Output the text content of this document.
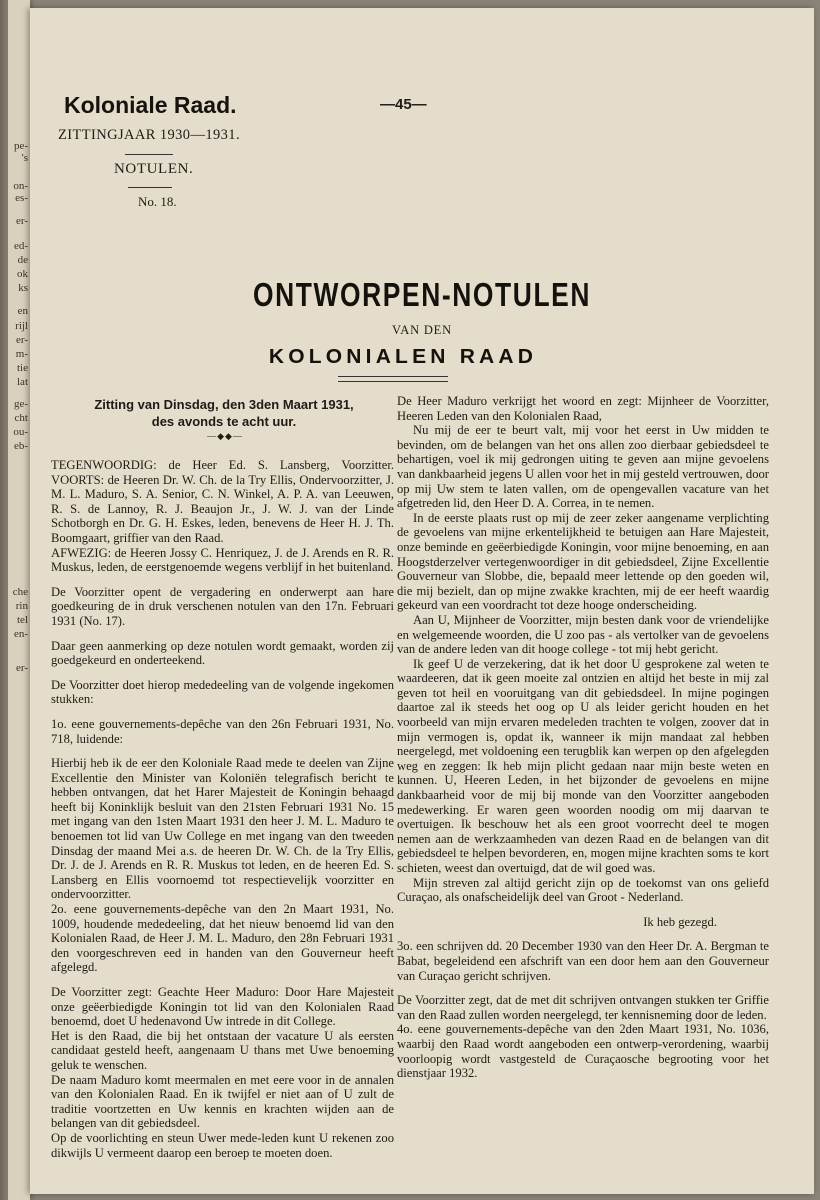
pe-
's
on-
es-
er-
ed-
de
ok
ks
en
rijl
er-
m-
tie
lat
ge-
cht
ou-
eb-
che
rin
tel
en-
er-
Koloniale Raad.	—45—
ZITTINGJAAR 1930—1931.
NOTULEN.
No. 18.
ONTWORPEN-NOTULEN
VAN DEN
KOLONIALEN RAAD
Zitting van Dinsdag, den 3den Maart 1931,
des avonds te acht uur.
—◆◆—

TEGENWOORDIG: de Heer Ed. S. Lansberg, Voorzitter. VOORTS: de Heeren Dr. W. Ch. de la Try Ellis, Ondervoorzitter, J. M. L. Maduro, S. A. Senior, C. N. Winkel, A. P. A. van Leeuwen, R. S. de Lannoy, R. J. Beaujon Jr., J. W. J. van der Linde Schotborgh en Dr. G. H. Eskes, leden, benevens de Heer H. J. Th. Boomgaart, griffier van den Raad.

AFWEZIG: de Heeren Jossy C. Henriquez, J. de J. Arends en R. R. Muskus, leden, de eerstgenoemde wegens verblijf in het buitenland.

De Voorzitter opent de vergadering en onderwerpt aan hare goedkeuring de in druk verschenen notulen van den 17n. Februari 1931 (No. 17).

Daar geen aanmerking op deze notulen wordt gemaakt, worden zij goedgekeurd en onderteekend.

De Voorzitter doet hierop mededeeling van de volgende ingekomen stukken:

1o. eene gouvernements-depêche van den 26n Februari 1931, No. 718, luidende:

Hierbij heb ik de eer den Koloniale Raad mede te deelen van Zijne Excellentie den Minister van Koloniën telegrafisch bericht te hebben ontvangen, dat het Harer Majesteit de Koningin behaagd heeft bij Koninklijk besluit van den 21sten Februari 1931 No. 15 met ingang van den 1sten Maart 1931 den heer J. M. L. Maduro te benoemen tot lid van Uw College en met ingang van den tweeden Dinsdag der maand Mei a.s. de heeren Dr. W. Ch. de la Try Ellis, Dr. J. de J. Arends en R. R. Muskus tot leden, en de heeren Ed. S. Lansberg en Ellis voornoemd tot respectievelijk voorzitter en ondervoorzitter.

2o. eene gouvernements-depêche van den 2n Maart 1931, No. 1009, houdende mededeeling, dat het nieuw benoemd lid van den Kolonialen Raad, de Heer J. M. L. Maduro, den 28n Februari 1931 den voorgeschreven eed in handen van den Gouverneur heeft afgelegd.

De Voorzitter zegt: Geachte Heer Maduro: Door Hare Majesteit onze geëerbiedigde Koningin tot lid van den Kolonialen Raad benoemd, doet U hedenavond Uw intrede in dit College.

Het is den Raad, die bij het ontstaan der vacature U als eersten candidaat gesteld heeft, aangenaam U thans met Uwe benoeming geluk te wenschen.

De naam Maduro komt meermalen en met eere voor in de annalen van den Kolonialen Raad. En ik twijfel er niet aan of U zult de traditie voortzetten en Uw kennis en krachten wijden aan de belangen van dit gebiedsdeel.

Op de voorlichting en steun Uwer mede-leden kunt U rekenen zoo dikwijls U vermeent daarop een beroep te moeten doen.

De Heer Maduro verkrijgt het woord en zegt: Mijnheer de Voorzitter, Heeren Leden van den Kolonialen Raad,

Nu mij de eer te beurt valt, mij voor het eerst in Uw midden te bevinden, om de belangen van het ons allen zoo dierbaar gebiedsdeel te behartigen, voel ik mij gedrongen uiting te geven aan mijne gevoelens van dankbaarheid jegens U allen voor het in mij gesteld vertrouwen, door op mij Uw stem te laten vallen, om de opengevallen vacature van het afgetreden lid, den Heer D. A. Correa, in te nemen.

In de eerste plaats rust op mij de zeer zeker aangename verplichting de gevoelens van mijne erkentelijkheid te betuigen aan Hare Majesteit, onze beminde en geëerbiedigde Koningin, voor mijne benoeming, en aan Hoogstderzelver vertegenwoordiger in dit gebiedsdeel, Zijne Excellentie Gouverneur van Slobbe, die, bepaald meer lettende op den goeden wil, die mij bezielt, dan op mijne zwakke krachten, mij de eer heeft waardig gekeurd van een voordracht tot deze hooge onderscheiding.

Aan U, Mijnheer de Voorzitter, mijn besten dank voor de vriendelijke en welgemeende woorden, die U zoo pas - als vertolker van de gevoelens van de andere leden van dit hooge college - tot mij hebt gericht.

Ik geef U de verzekering, dat ik het door U gesprokene zal weten te waardeeren, dat ik geen moeite zal ontzien en altijd het beste in mij zal geven tot heil en vooruitgang van dit gebiedsdeel. In mijne pogingen daartoe zal ik steeds het oog op U als leider gericht houden en het voorbeeld van mijn ervaren medeleden trachten te volgen, zoover dat in mijn vermogen is, opdat ik, wanneer ik mijn mandaat zal hebben neergelegd, met voldoening een terugblik kan werpen op den afgelegden weg en zeggen: Ik heb mijn plicht gedaan naar mijn beste weten en kunnen. U, Heeren Leden, in het bijzonder de gevoelens en mijne dankbaarheid voor de mij bij monde van den Voorzitter aangeboden medewerking. Er waren geen woorden noodig om mij daarvan te overtuigen. Ik beschouw het als een groot voorrecht deel te mogen nemen aan de werkzaamheden van dezen Raad en de belangen van dit gebiedsdeel te helpen bevorderen, en, mogen mijne krachten soms te kort schieten, weest dan overtuigd, dat de wil goed was.

Mijn streven zal altijd gericht zijn op de toekomst van ons geliefd Curaçao, als onafscheidelijk deel van Groot - Nederland.

Ik heb gezegd.

3o. een schrijven dd. 20 December 1930 van den Heer Dr. A. Bergman te Babat, begeleidend een afschrift van een door hem aan den Gouverneur van Curaçao gericht schrijven.

De Voorzitter zegt, dat de met dit schrijven ontvangen stukken ter Griffie van den Raad zullen worden neergelegd, ter kennisneming door de leden.

4o. eene gouvernements-depêche van den 2den Maart 1931, No. 1036, waarbij den Raad wordt aangeboden een ontwerp-verordening, waarbij voorloopig wordt vastgesteld de Curaçaosche begrooting voor het dienstjaar 1932.
